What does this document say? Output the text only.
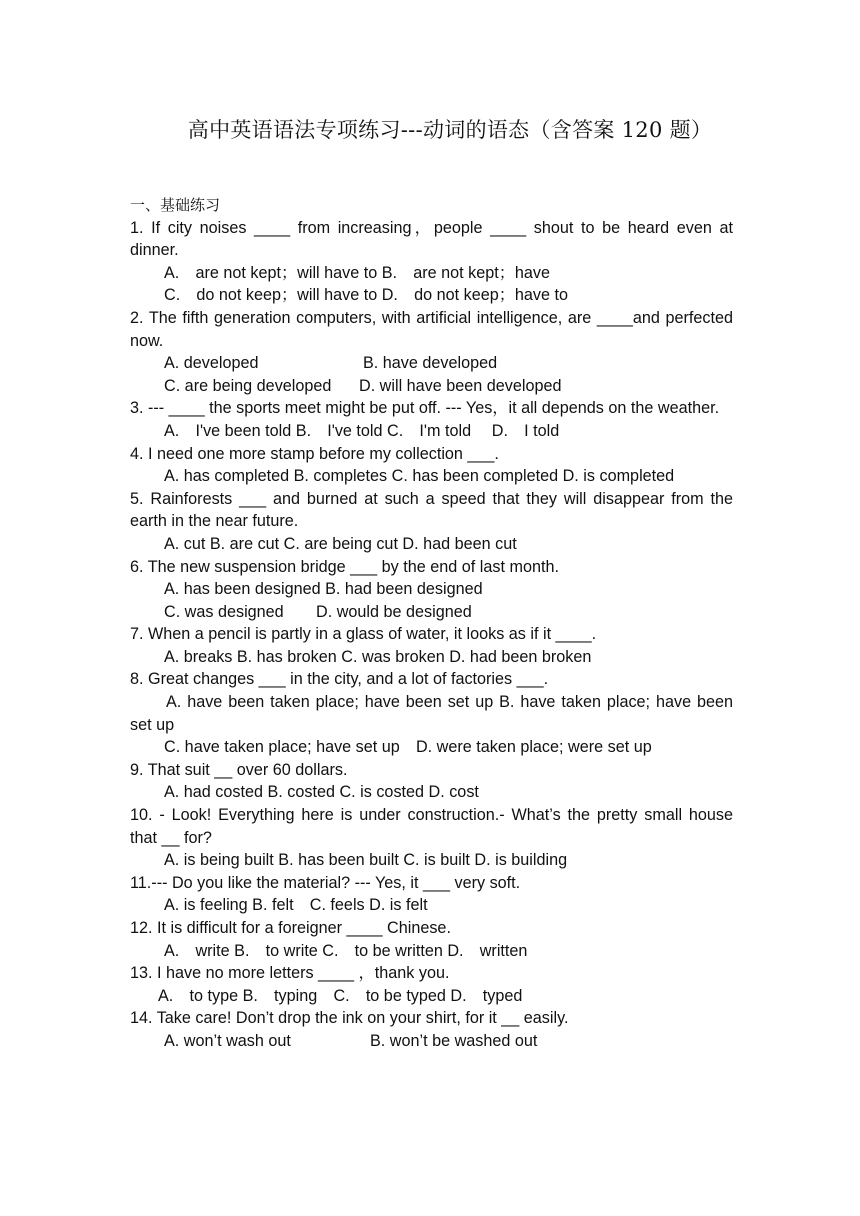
高中英语语法专项练习---动词的语态（含答案 120 题）
一、基础练习
1. If city noises ____ from increasing，people ____ shout to be heard even at dinner.
A.　are not kept；will have to B.　are not kept；have
C.　do not keep；will have to D.　do not keep；have to
2. The fifth generation computers, with artificial intelligence, are ____and perfected now.
A. developed	B. have developed
C. are being developed D. will have been developed
3. --- ____ the sports meet might be put off. --- Yes，it all depends on the weather.
A.　I've been told B.　I've told C.　I'm told　 D.　I told
4. I need one more stamp before my collection ___.
A. has completed B. completes C. has been completed D. is completed
5. Rainforests ___ and burned at such a speed that they will disappear from the earth in the near future.
A. cut B. are cut C. are being cut D. had been cut
6. The new suspension bridge ___ by the end of last month.
A. has been designed B. had been designed
C. was designed　　D. would be designed
7. When a pencil is partly in a glass of water, it looks as if it ____.
A. breaks B. has broken C. was broken D. had been broken
8. Great changes ___ in the city, and a lot of factories ___.
A. have been taken place; have been set up B. have taken place; have been set up
C. have taken place; have set up　D. were taken place; were set up
9. That suit __ over 60 dollars.
A. had costed B. costed C. is costed D. cost
10. - Look! Everything here is under construction.- What’s the pretty small house that __ for?
A. is being built B. has been built C. is built D. is building
11.--- Do you like the material? --- Yes, it ___ very soft.
A. is feeling B. felt　C. feels D. is felt
12. It is difficult for a foreigner ____ Chinese.
A.　write B.　to write C.　to be written D.　written
13. I have no more letters ____ ，thank you.
A.　to type B.　typing　C.　to be typed D.　typed
14. Take care! Don’t drop the ink on your shirt, for it __ easily.
A. won’t wash out	B. won’t be washed out
